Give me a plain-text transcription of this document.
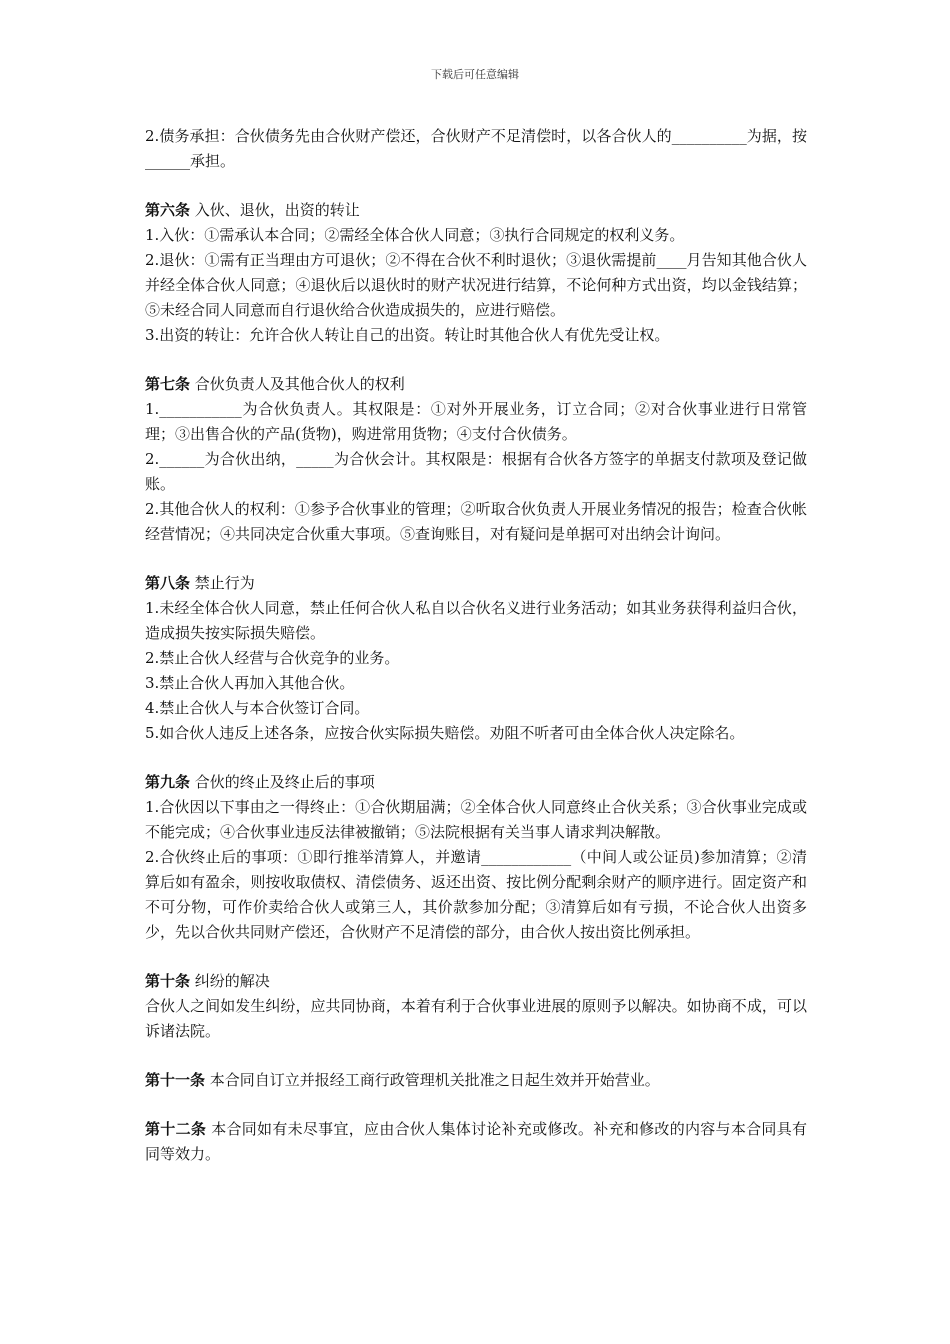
下载后可任意编辑

2.债务承担：合伙债务先由合伙财产偿还，合伙财产不足清偿时，以各合伙人的__________为据，按______承担。

第六条 入伙、退伙，出资的转让

1.入伙：①需承认本合同；②需经全体合伙人同意；③执行合同规定的权利义务。

2.退伙：①需有正当理由方可退伙；②不得在合伙不利时退伙；③退伙需提前____月告知其他合伙人并经全体合伙人同意；④退伙后以退伙时的财产状况进行结算，不论何种方式出资，均以金钱结算；⑤未经合同人同意而自行退伙给合伙造成损失的，应进行赔偿。

3.出资的转让：允许合伙人转让自己的出资。转让时其他合伙人有优先受让权。

第七条 合伙负责人及其他合伙人的权利

1.___________为合伙负责人。其权限是：①对外开展业务，订立合同；②对合伙事业进行日常管理；③出售合伙的产品(货物)，购进常用货物；④支付合伙债务。

2.______为合伙出纳，_____为合伙会计。其权限是：根据有合伙各方签字的单据支付款项及登记做账。

2.其他合伙人的权利：①参予合伙事业的管理；②听取合伙负责人开展业务情况的报告；检查合伙帐经营情况；④共同决定合伙重大事项。⑤查询账目，对有疑问是单据可对出纳会计询问。

第八条 禁止行为

1.未经全体合伙人同意，禁止任何合伙人私自以合伙名义进行业务活动；如其业务获得利益归合伙，造成损失按实际损失赔偿。

2.禁止合伙人经营与合伙竞争的业务。

3.禁止合伙人再加入其他合伙。

4.禁止合伙人与本合伙签订合同。

5.如合伙人违反上述各条，应按合伙实际损失赔偿。劝阻不听者可由全体合伙人决定除名。

第九条 合伙的终止及终止后的事项

1.合伙因以下事由之一得终止：①合伙期届满；②全体合伙人同意终止合伙关系；③合伙事业完成或不能完成；④合伙事业违反法律被撤销；⑤法院根据有关当事人请求判决解散。

2.合伙终止后的事项：①即行推举清算人，并邀请____________（中间人或公证员)参加清算；②清算后如有盈余，则按收取债权、清偿债务、返还出资、按比例分配剩余财产的顺序进行。固定资产和不可分物，可作价卖给合伙人或第三人，其价款参加分配；③清算后如有亏损，不论合伙人出资多少，先以合伙共同财产偿还，合伙财产不足清偿的部分，由合伙人按出资比例承担。

第十条 纠纷的解决

合伙人之间如发生纠纷，应共同协商，本着有利于合伙事业进展的原则予以解决。如协商不成，可以诉诸法院。

第十一条 本合同自订立并报经工商行政管理机关批准之日起生效并开始营业。

第十二条 本合同如有未尽事宜，应由合伙人集体讨论补充或修改。补充和修改的内容与本合同具有同等效力。
